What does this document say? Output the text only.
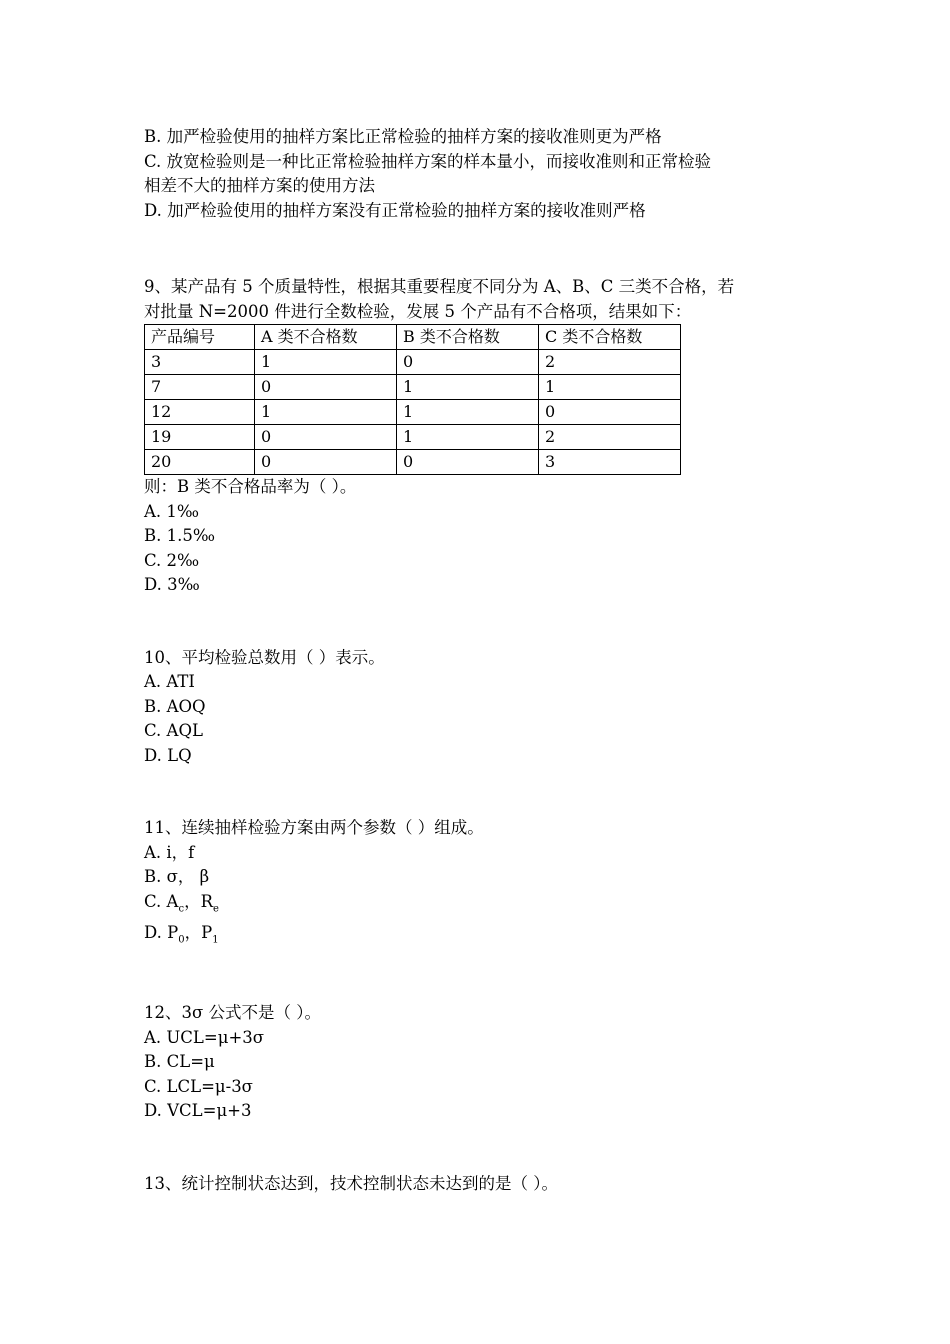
B. 加严检验使用的抽样方案比正常检验的抽样方案的接收准则更为严格
C. 放宽检验则是一种比正常检验抽样方案的样本量小，而接收准则和正常检验
相差不大的抽样方案的使用方法
D. 加严检验使用的抽样方案没有正常检验的抽样方案的接收准则严格
9、某产品有 5 个质量特性，根据其重要程度不同分为 A、B、C 三类不合格，若
对批量 N=2000 件进行全数检验，发展 5 个产品有不合格项，结果如下：
产品编号	A 类不合格数	B 类不合格数	C 类不合格数
3	1	0	2
7	0	1	1
12	1	1	0
19	0	1	2
20	0	0	3
则：B 类不合格品率为（ ）。
A. 1‰
B. 1.5‰
C. 2‰
D. 3‰
10、平均检验总数用（ ）表示。
A. ATI
B. AOQ
C. AQL
D. LQ
11、连续抽样检验方案由两个参数（ ）组成。
A. i，f
B. σ， β
C. $A_c$，$R_e$
D. $P_0$，$P_1$
12、3σ 公式不是（ ）。
A. UCL=μ+3σ
B. CL=μ
C. LCL=μ-3σ
D. VCL=μ+3
13、统计控制状态达到，技术控制状态未达到的是（ ）。
